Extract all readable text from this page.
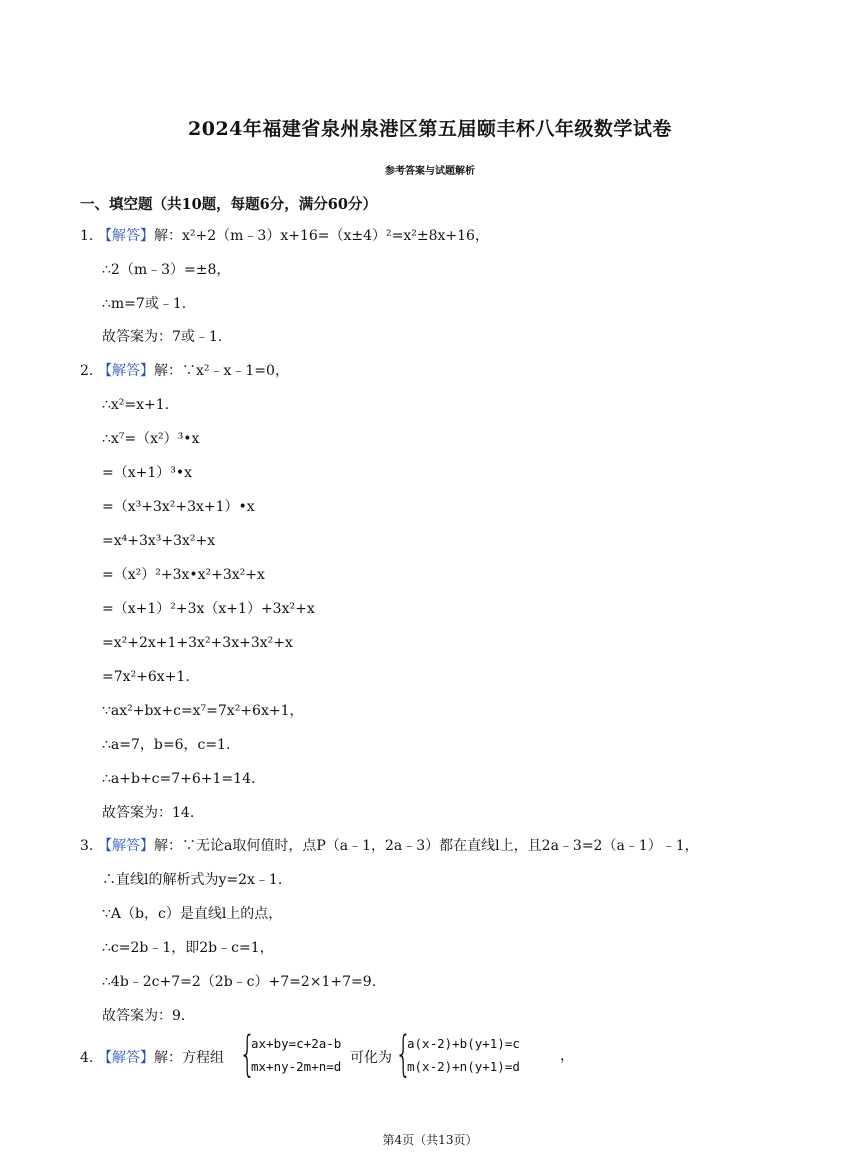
2024年福建省泉州泉港区第五届颐丰杯八年级数学试卷
参考答案与试题解析
一、填空题（共10题，每题6分，满分60分）
1. 【解答】解：x²+2（m﹣3）x+16=（x±4）²=x²±8x+16，
∴2（m﹣3）=±8，
∴m=7或﹣1.
故答案为：7或﹣1.
2. 【解答】解：∵x²﹣x﹣1=0，
∴x²=x+1.
∴x⁷=（x²）³•x
=（x+1）³•x
=（x³+3x²+3x+1）•x
=x⁴+3x³+3x²+x
=（x²）²+3x•x²+3x²+x
=（x+1）²+3x（x+1）+3x²+x
=x²+2x+1+3x²+3x+3x²+x
=7x²+6x+1.
∵ax²+bx+c=x⁷=7x²+6x+1，
∴a=7，b=6，c=1.
∴a+b+c=7+6+1=14.
故答案为：14.
3. 【解答】解：∵无论a取何值时，点P（a﹣1，2a﹣3）都在直线l上，且2a﹣3=2（a﹣1）﹣1，
∴直线l的解析式为y=2x﹣1.
∵A（b，c）是直线l上的点，
∴c=2b﹣1，即2b﹣c=1，
∴4b﹣2c+7=2（2b﹣c）+7=2×1+7=9.
故答案为：9.
4. 【解答】解：方程组 {
ax+by=c+2a-b
mx+ny-2m+n=d
可化为 {
a(x-2)+b(y+1)=c
m(x-2)+n(y+1)=d
，
第4页（共13页）
